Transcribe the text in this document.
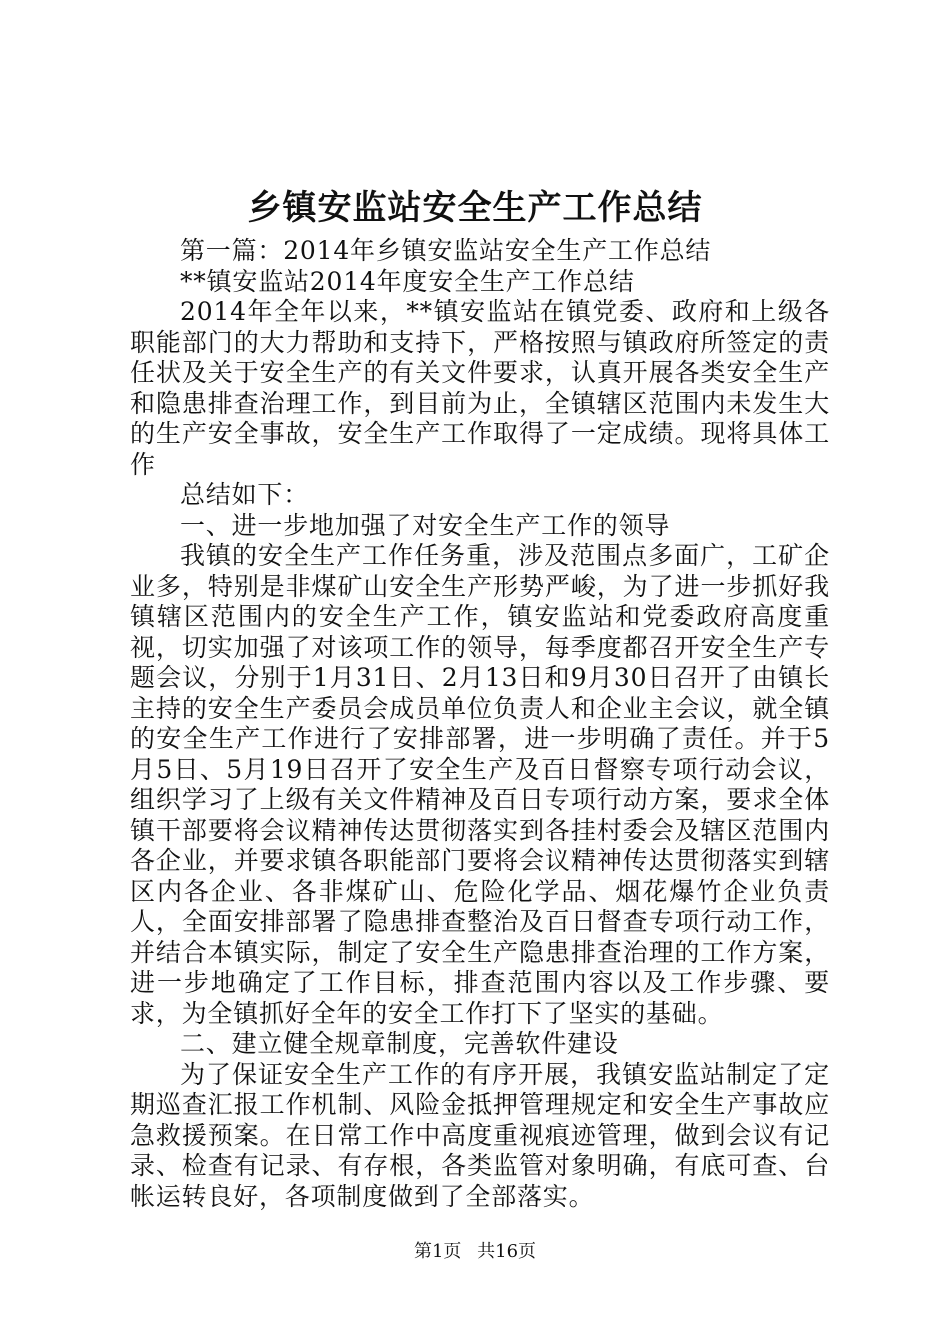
乡镇安监站安全生产工作总结

第一篇：2014年乡镇安监站安全生产工作总结

**镇安监站2014年度安全生产工作总结

2014年全年以来，**镇安监站在镇党委、政府和上级各职能部门的大力帮助和支持下，严格按照与镇政府所签定的责任状及关于安全生产的有关文件要求，认真开展各类安全生产和隐患排查治理工作，到目前为止，全镇辖区范围内未发生大的生产安全事故，安全生产工作取得了一定成绩。现将具体工作

总结如下：

一、进一步地加强了对安全生产工作的领导

我镇的安全生产工作任务重，涉及范围点多面广，工矿企业多，特别是非煤矿山安全生产形势严峻，为了进一步抓好我镇辖区范围内的安全生产工作，镇安监站和党委政府高度重视，切实加强了对该项工作的领导，每季度都召开安全生产专题会议，分别于1月31日、2月13日和9月30日召开了由镇长主持的安全生产委员会成员单位负责人和企业主会议，就全镇的安全生产工作进行了安排部署，进一步明确了责任。并于5月5日、5月19日召开了安全生产及百日督察专项行动会议，组织学习了上级有关文件精神及百日专项行动方案，要求全体镇干部要将会议精神传达贯彻落实到各挂村委会及辖区范围内各企业，并要求镇各职能部门要将会议精神传达贯彻落实到辖区内各企业、各非煤矿山、危险化学品、烟花爆竹企业负责人，全面安排部署了隐患排查整治及百日督查专项行动工作，并结合本镇实际，制定了安全生产隐患排查治理的工作方案，进一步地确定了工作目标，排查范围内容以及工作步骤、要求，为全镇抓好全年的安全工作打下了坚实的基础。

二、建立健全规章制度，完善软件建设

为了保证安全生产工作的有序开展，我镇安监站制定了定期巡查汇报工作机制、风险金抵押管理规定和安全生产事故应急救援预案。在日常工作中高度重视痕迹管理，做到会议有记录、检查有记录、有存根，各类监管对象明确，有底可查、台帐运转良好，各项制度做到了全部落实。

第1页 共16页
